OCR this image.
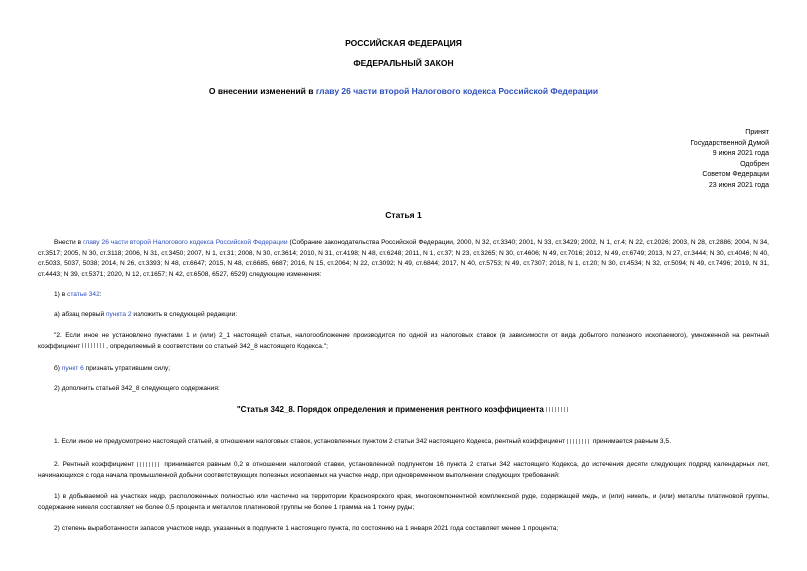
РОССИЙСКАЯ ФЕДЕРАЦИЯ
ФЕДЕРАЛЬНЫЙ ЗАКОН
О внесении изменений в главу 26 части второй Налогового кодекса Российской Федерации
Принят
Государственной Думой
9 июня 2021 года
Одобрен
Советом Федерации
23 июня 2021 года
Статья 1
Внести в главу 26 части второй Налогового кодекса Российской Федерации (Собрание законодательства Российской Федерации, 2000, N 32, ст.3340; 2001, N 33, ст.3429; 2002, N 1, ст.4; N 22, ст.2026; 2003, N 28, ст.2886; 2004, N 34, ст.3517; 2005, N 30, ст.3118; 2006, N 31, ст.3450; 2007, N 1, ст.31; 2008, N 30, ст.3614; 2010, N 31, ст.4198; N 48, ст.6248; 2011, N 1, ст.37; N 23, ст.3265; N 30, ст.4606; N 49, ст.7016; 2012, N 49, ст.6749; 2013, N 27, ст.3444; N 30, ст.4046; N 40, ст.5033, 5037, 5038; 2014, N 26, ст.3393; N 48, ст.6647; 2015, N 48, ст.6685, 6687; 2016, N 15, ст.2064; N 22, ст.3092; N 49, ст.6844; 2017, N 40, ст.5753; N 49, ст.7307; 2018, N 1, ст.20; N 30, ст.4534; N 32, ст.5094; N 49, ст.7496; 2019, N 31, ст.4443; N 39, ст.5371; 2020, N 12, ст.1657; N 42, ст.6508, 6527, 6529) следующие изменения:
1) в статье 342:
а) абзац первый пункта 2 изложить в следующей редакции:
"2. Если иное не установлено пунктами 1 и (или) 2_1 настоящей статьи, налогообложение производится по одной из налоговых ставок (в зависимости от вида добытого полезного ископаемого), умноженной на рентный коэффициент	, определяемый в соответствии со статьей 342_8 настоящего Кодекса.";
б) пункт 6 признать утратившим силу;
2) дополнить статьей 342_8 следующего содержания:
"Статья 342_8. Порядок определения и применения рентного коэффициента
1. Если иное не предусмотрено настоящей статьей, в отношении налоговых ставок, установленных пунктом 2 статьи 342 настоящего Кодекса, рентный коэффициент	принимается равным 3,5.
2. Рентный коэффициент	принимается равным 0,2 в отношении налоговой ставки, установленной подпунктом 16 пункта 2 статьи 342 настоящего Кодекса, до истечения десяти следующих подряд календарных лет, начинающихся с года начала промышленной добычи соответствующих полезных ископаемых на участке недр, при одновременном выполнении следующих требований:
1) в добываемой на участках недр, расположенных полностью или частично на территории Красноярского края, многокомпонентной комплексной руде, содержащей медь, и (или) никель, и (или) металлы платиновой группы, содержание никеля составляет не более 0,5 процента и металлов платиновой группы не более 1 грамма на 1 тонну руды;
2) степень выработанности запасов участков недр, указанных в подпункте 1 настоящего пункта, по состоянию на 1 января 2021 года составляет менее 1 процента;
